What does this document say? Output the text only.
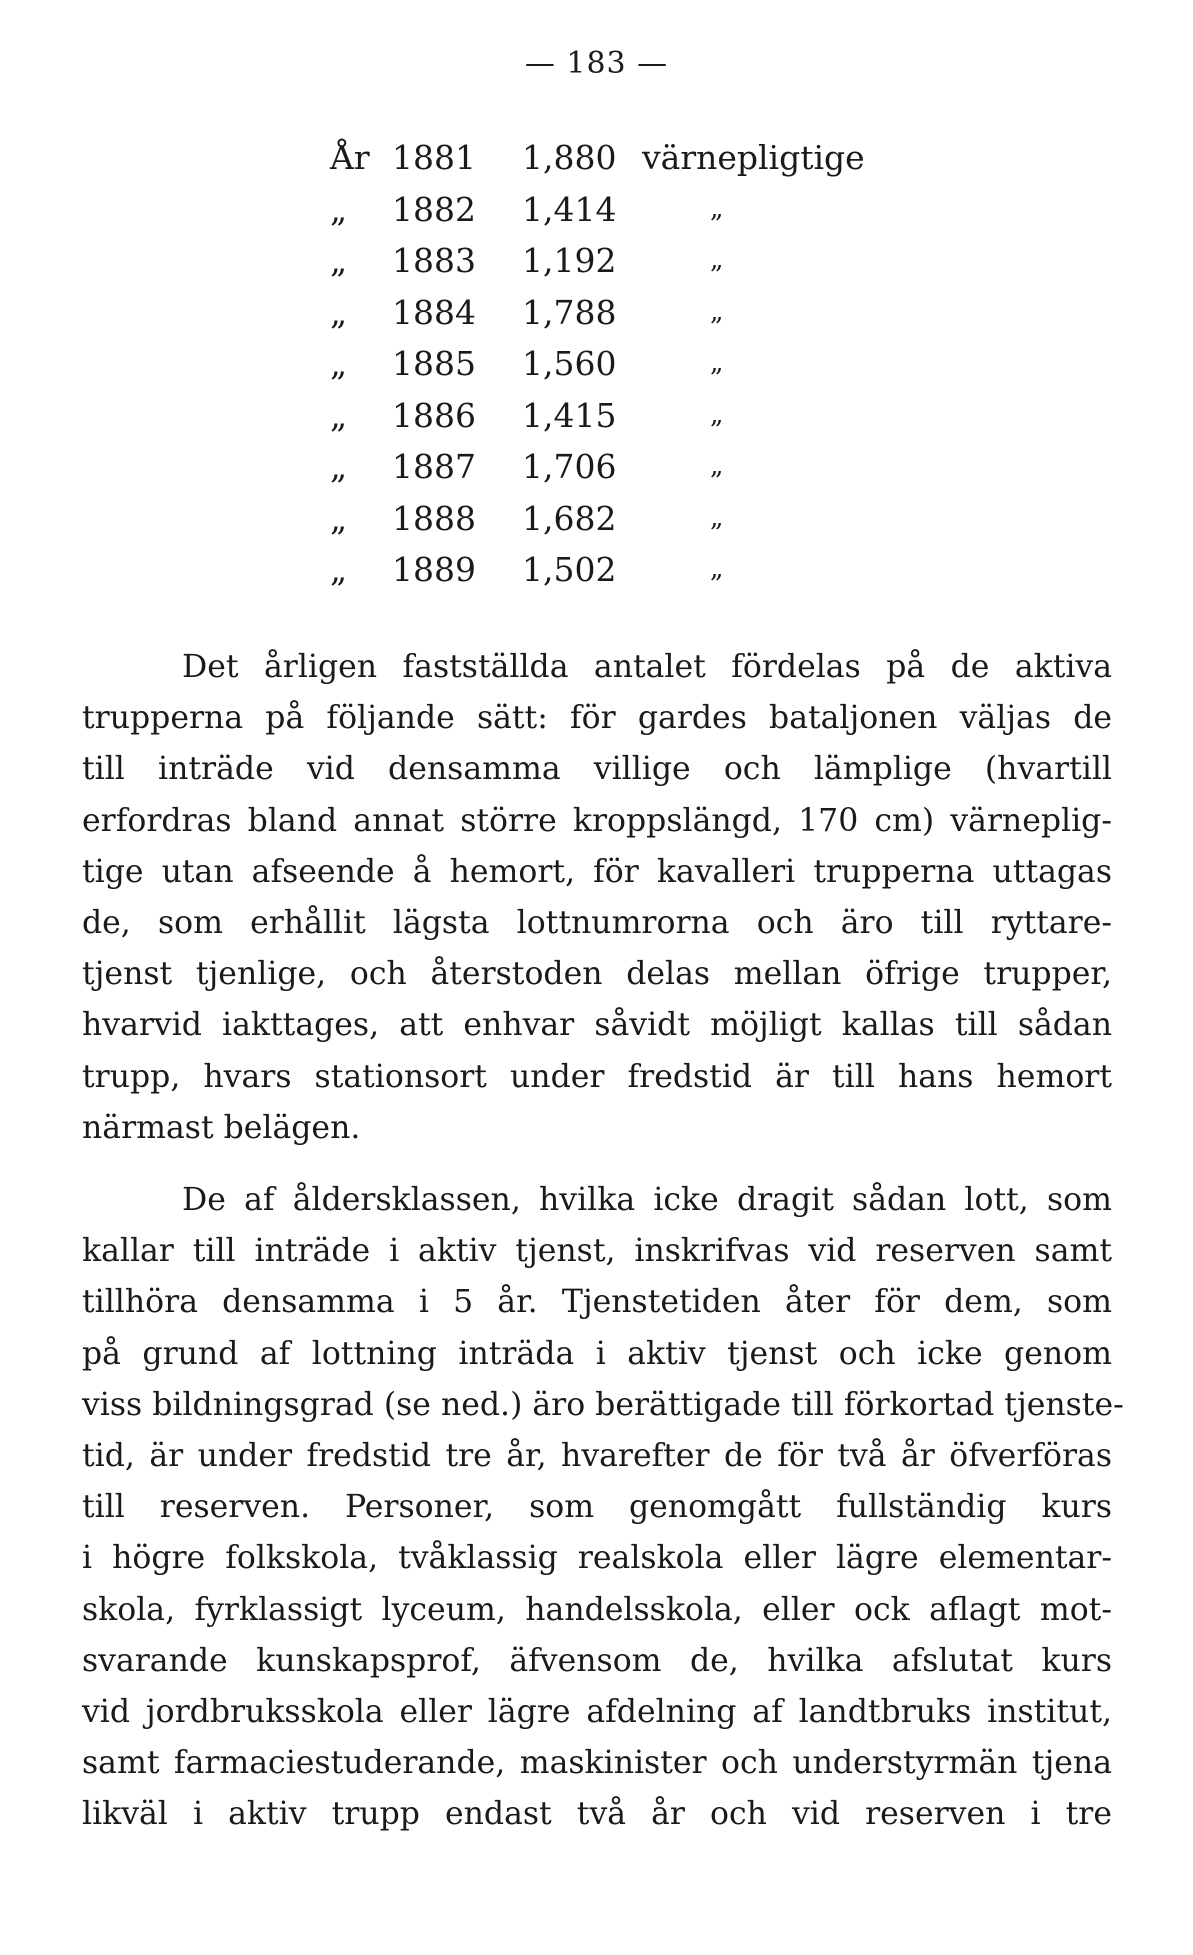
— 183 —
År 1881 1,880 värnepligtige
„ 1882 1,414	„
„ 1883 1,192	„
„ 1884 1,788	„
„ 1885 1,560	„
„ 1886 1,415	„
„ 1887 1,706	„
„ 1888 1,682	„
„ 1889 1,502	„
Det årligen fastställda antalet fördelas på de aktiva
trupperna på följande sätt: för gardes bataljonen väljas de
till inträde vid densamma villige och lämplige (hvartill
erfordras bland annat större kroppslängd, 170 cm) värneplig-
tige utan afseende å hemort, för kavalleri trupperna uttagas
de, som erhållit lägsta lottnumrorna och äro till ryttare-
tjenst tjenlige, och återstoden delas mellan öfrige trupper,
hvarvid iakttages, att enhvar såvidt möjligt kallas till sådan
trupp, hvars stationsort under fredstid är till hans hemort
närmast belägen.
De af åldersklassen, hvilka icke dragit sådan lott, som
kallar till inträde i aktiv tjenst, inskrifvas vid reserven samt
tillhöra densamma i 5 år. Tjenstetiden åter för dem, som
på grund af lottning inträda i aktiv tjenst och icke genom
viss bildningsgrad (se ned.) äro berättigade till förkortad tjenste-
tid, är under fredstid tre år, hvarefter de för två år öfverföras
till reserven. Personer, som genomgått fullständig kurs
i högre folkskola, tvåklassig realskola eller lägre elementar-
skola, fyrklassigt lyceum, handelsskola, eller ock aflagt mot-
svarande kunskapsprof, äfvensom de, hvilka afslutat kurs
vid jordbruksskola eller lägre afdelning af landtbruks institut,
samt farmaciestuderande, maskinister och understyrmän tjena
likväl i aktiv trupp endast två år och vid reserven i tre
